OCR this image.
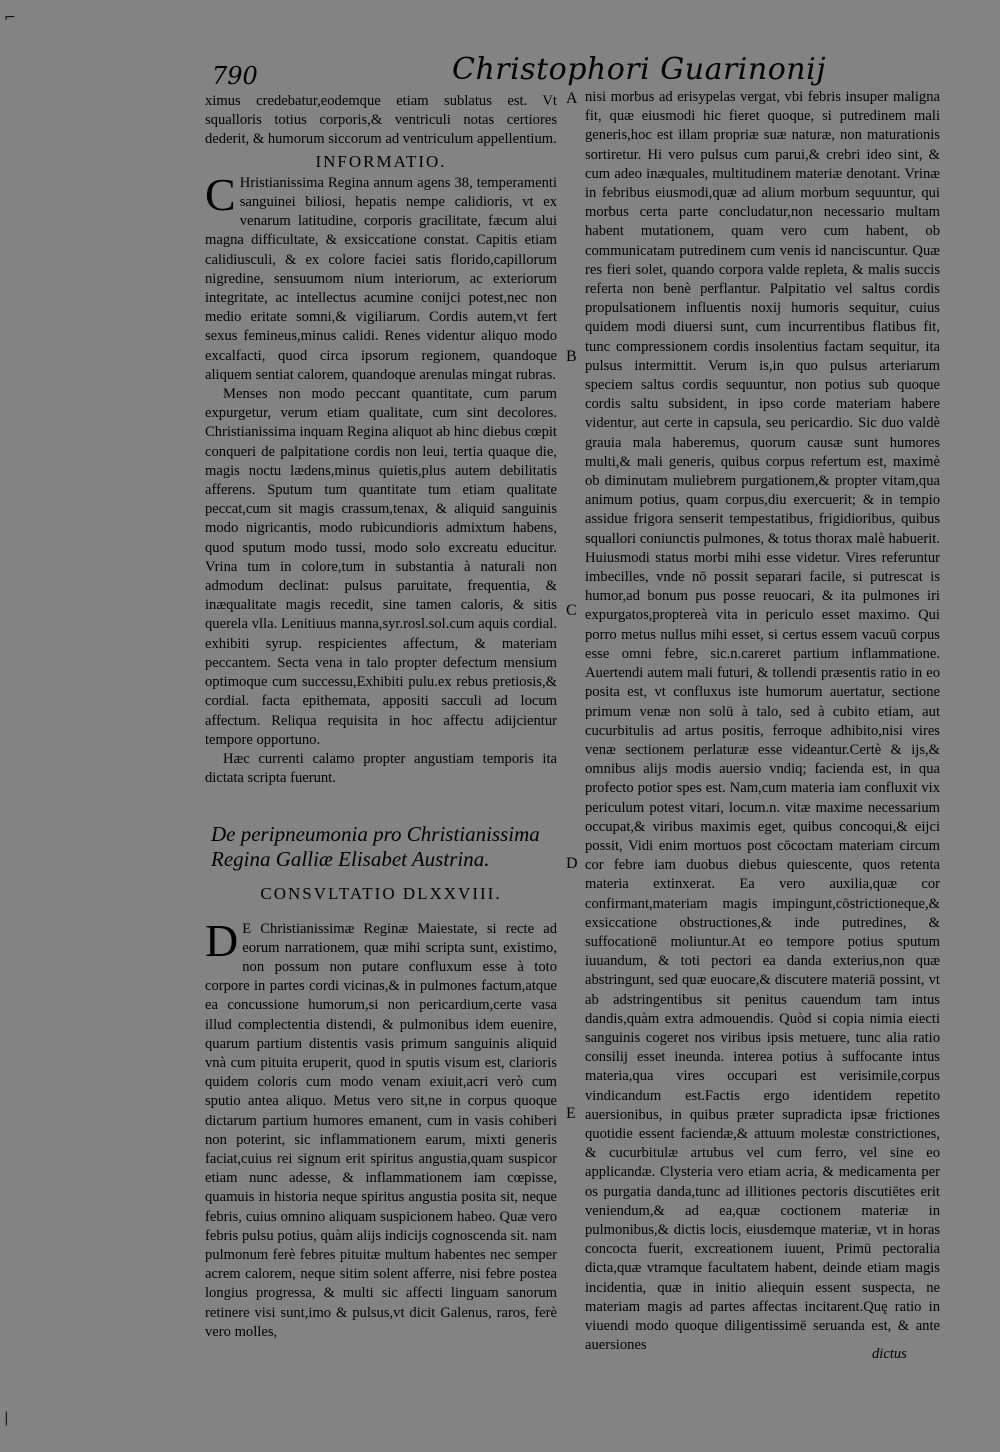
790	Christophori Guarinonij
⌐
|

ximus credebatur,eodemque etiam sublatus est. Vt squalloris totius corporis,& ventriculi notas certiores dederit, & humorum siccorum ad ventriculum appellentium.

INFORMATIO.

C Hristianissima Regina annum agens 38, temperamenti sanguinei biliosi, hepatis nempe calidioris, vt ex venarum latitudine, corporis gracilitate, fæcum alui magna difficultate, & exsiccatione constat. Capitis etiam calidiusculi, & ex colore faciei satis florido,capillorum nigredine, sensuumom nium interiorum, ac exteriorum integritate, ac intellectus acumine conijci potest,nec non medio eritate somni,& vigiliarum. Cordis autem,vt fert sexus femineus,minus calidi. Renes videntur aliquo modo excalfacti, quod circa ipsorum regionem, quandoque aliquem sentiat calorem, quandoque arenulas mingat rubras.

Menses non modo peccant quantitate, cum parum expurgetur, verum etiam qualitate, cum sint decolores. Christianissima inquam Regina aliquot ab hinc diebus cœpit conqueri de palpitatione cordis non leui, tertia quaque die, magis noctu lædens,minus quietis,plus autem debilitatis afferens. Sputum tum quantitate tum etiam qualitate peccat,cum sit magis crassum,tenax, & aliquid sanguinis modo nigricantis, modo rubicundioris admixtum habens, quod sputum modo tussi, modo solo excreatu educitur. Vrina tum in colore,tum in substantia à naturali non admodum declinat: pulsus paruitate, frequentia, & inæqualitate magis recedit, sine tamen caloris, & sitis querela vlla. Lenitiuus manna,syr.rosl.sol.cum aquis cordial. exhibiti syrup. respicientes affectum, & materiam peccantem. Secta vena in talo propter defectum mensium optimoque cum successu,Exhibiti pulu.ex rebus pretiosis,& cordial. facta epithemata, appositi sacculi ad locum affectum. Reliqua requisita in hoc affectu adijcientur tempore opportuno.

Hæc currenti calamo propter angustiam temporis ita dictata scripta fuerunt.

De peripneumonia pro Christianissima Regina Galliæ Elisabet Austrina.

CONSVLTATIO DLXXVIII.

D E Christianissimæ Reginæ Maiestate, si recte ad eorum narrationem, quæ mihi scripta sunt, existimo, non possum non putare confluxum esse à toto corpore in partes cordi vicinas,& in pulmones factum,atque ea concussione humorum,si non pericardium,certe vasa illud complectentia distendi, & pulmonibus idem euenire, quarum partium distentis vasis primum sanguinis aliquid vnà cum pituita eruperit, quod in sputis visum est, clarioris quidem coloris cum modo venam exiuit,acri verò cum sputio antea aliquo. Metus vero sit,ne in corpus quoque dictarum partium humores emanent, cum in vasis cohiberi non poterint, sic inflammationem earum, mixti generis faciat,cuius rei signum erit spiritus angustia,quam suspicor etiam nunc adesse, & inflammationem iam cœpisse, quamuis in historia neque spiritus angustia posita sit, neque febris, cuius omnino aliquam suspicionem habeo. Quæ vero febris pulsu potius, quàm alijs indicijs cognoscenda sit. nam pulmonum ferè febres pituitæ multum habentes nec semper acrem calorem, neque sitim solent afferre, nisi febre postea longius progressa, & multi sic affecti linguam sanorum retinere visi sunt,imo & pulsus,vt dicit Galenus, raros, ferè vero molles,

A
B
C
D
E

nisi morbus ad erisypelas vergat, vbi febris insuper maligna fit, quæ eiusmodi hic fieret quoque, si putredinem mali generis,hoc est illam propriæ suæ naturæ, non maturationis sortiretur. Hi vero pulsus cum parui,& crebri ideo sint, & cum adeo inæquales, multitudinem materiæ denotant. Vrinæ in febribus eiusmodi,quæ ad alium morbum sequuntur, qui morbus certa parte concludatur,non necessario multam habent mutationem, quam vero cum habent, ob communicatam putredinem cum venis id nanciscuntur. Quæ res fieri solet, quando corpora valde repleta, & malis succis referta non benè perflantur. Palpitatio vel saltus cordis propulsationem influentis noxij humoris sequitur, cuius quidem modi diuersi sunt, cum incurrentibus flatibus fit, tunc compressionem cordis insolentius factam sequitur, ita pulsus intermittit. Verum is,in quo pulsus arteriarum speciem saltus cordis sequuntur, non potius sub quoque cordis saltu subsident, in ipso corde materiam habere videntur, aut certe in capsula, seu pericardio. Sic duo valdè grauia mala haberemus, quorum causæ sunt humores multi,& mali generis, quibus corpus refertum est, maximè ob diminutam muliebrem purgationem,& propter vitam,qua animum potius, quam corpus,diu exercuerit; & in tempio assidue frigora senserit tempestatibus, frigidioribus, quibus squallori coniunctis pulmones, & totus thorax malè habuerit. Huiusmodi status morbi mihi esse videtur. Vires referuntur imbecilles, vnde nō possit separari facile, si putrescat is humor,ad bonum pus posse reuocari, & ita pulmones iri expurgatos,proptereà vita in periculo esset maximo. Qui porro metus nullus mihi esset, si certus essem vacuū corpus esse omni febre, sic.n.careret partium inflammatione. Auertendi autem mali futuri, & tollendi præsentis ratio in eo posita est, vt confluxus iste humorum auertatur, sectione primum venæ non solū à talo, sed à cubito etiam, aut cucurbitulis ad artus positis, ferroque adhibito,nisi vires venæ sectionem perlaturæ esse videantur.Certè & ijs,& omnibus alijs modis auersio vndiq; facienda est, in qua profecto potior spes est. Nam,cum materia iam confluxit vix periculum potest vitari, locum.n. vitæ maxime necessarium occupat,& viribus maximis eget, quibus concoqui,& eijci possit, Vidi enim mortuos post cōcoctam materiam circum cor febre iam duobus diebus quiescente, quos retenta materia extinxerat. Ea vero auxilia,quæ cor confirmant,materiam magis impingunt,cōstrictioneque,& exsiccatione obstructiones,& inde putredines, & suffocationē moliuntur.At eo tempore potius sputum iuuandum, & toti pectori ea danda exterius,non quæ abstringunt, sed quæ euocare,& discutere materiā possint, vt ab adstringentibus sit penitus cauendum tam intus dandis,quàm extra admouendis. Quòd si copia nimia eiecti sanguinis cogeret nos viribus ipsis metuere, tunc alia ratio consilij esset ineunda. interea potius à suffocante intus materia,qua vires occupari est verisimile,corpus vindicandum est.Factis ergo identidem repetito auersionibus, in quibus præter supradicta ipsæ frictiones quotidie essent faciendæ,& attuum molestæ constrictiones, & cucurbitulæ artubus vel cum ferro, vel sine eo applicandæ. Clysteria vero etiam acria, & medicamenta per os purgatia danda,tunc ad illitiones pectoris discutiētes erit veniendum,& ad ea,quæ coctionem materiæ in pulmonibus,& dictis locis, eiusdemque materiæ, vt in horas concocta fuerit, excreationem iuuent, Primū pectoralia dicta,quæ vtramque facultatem habent, deinde etiam magis incidentia, quæ in initio aliequin essent suspecta, ne materiam magis ad partes affectas incitarent.Quę ratio in viuendi modo quoque diligentissimē seruanda est, & ante auersiones

dictus
